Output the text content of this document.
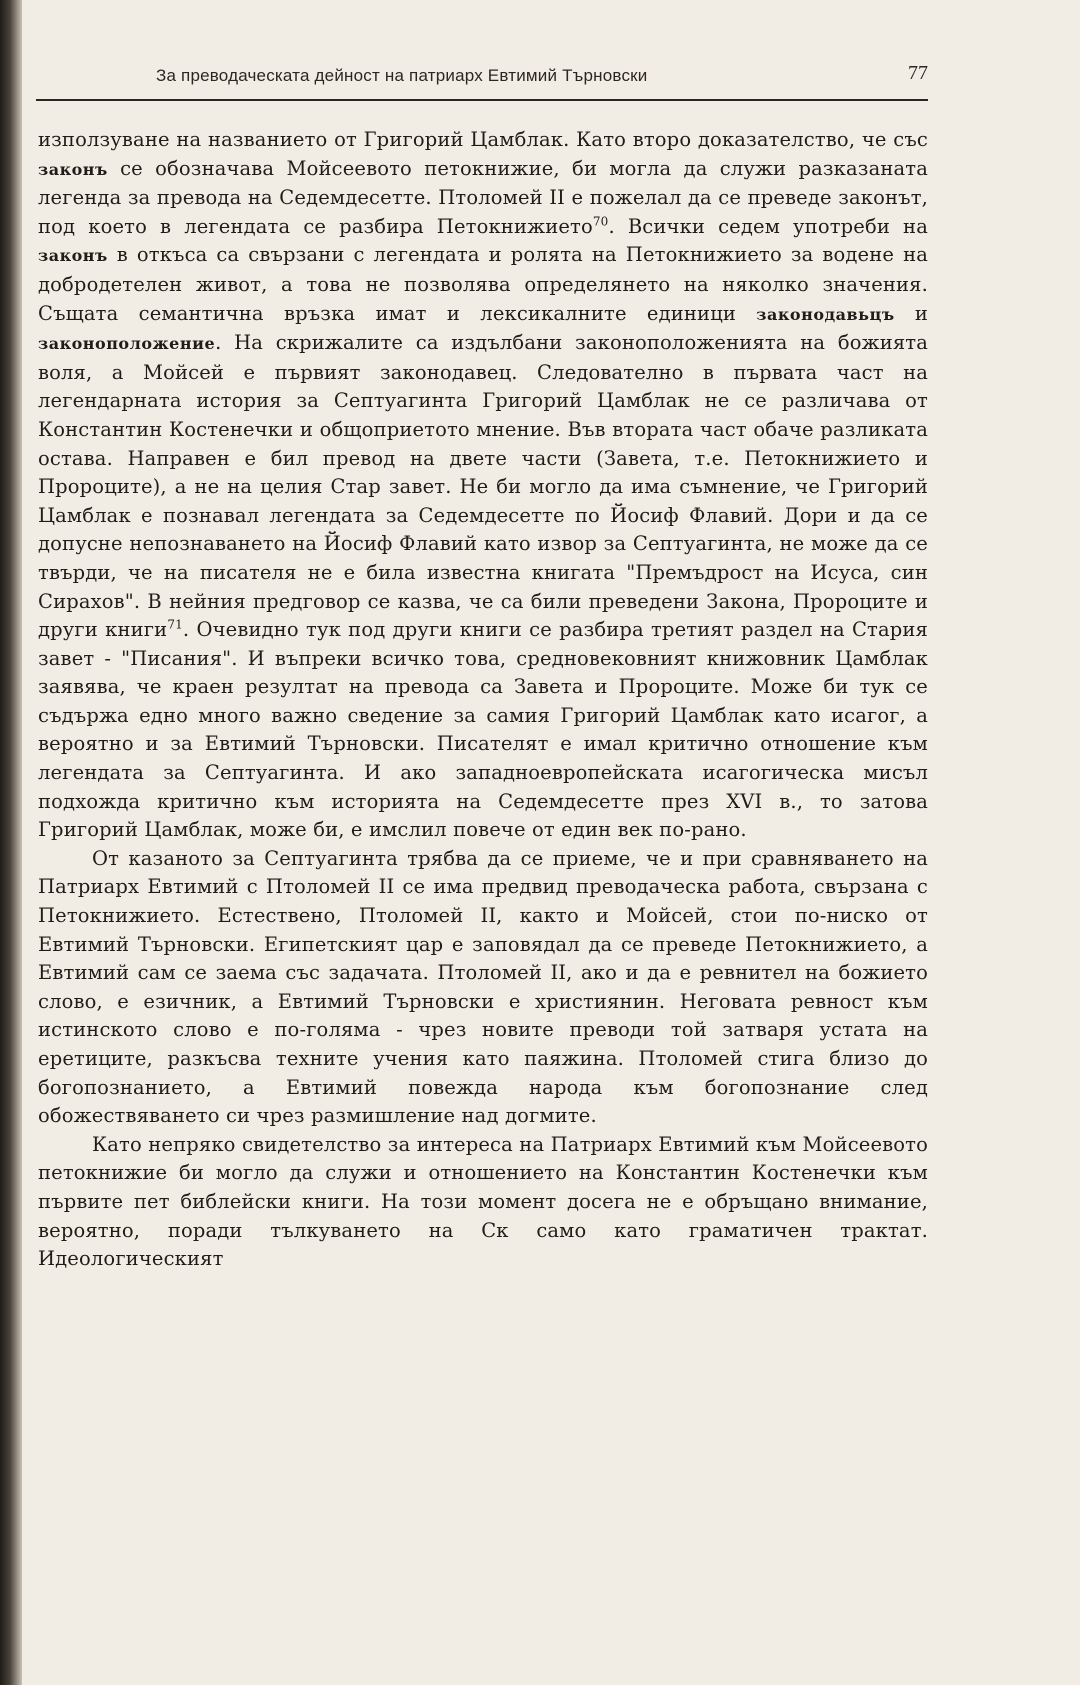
За преводаческата дейност на патриарх Евтимий Търновски	77

използуване на названието от Григорий Цамблак. Като второ доказателство, че със законъ се обозначава Мойсеевото петокнижие, би могла да служи разказаната легенда за превода на Седемдесетте. Птоломей II е пожелал да се преведе законът, под което в легендата се разбира Петокнижието$^{70}$. Всички седем употреби на законъ в откъса са свързани с легендата и ролята на Петокнижието за водене на добродетелен живот, а това не позволява определянето на няколко значения. Същата семантична връзка имат и лексикалните единици законодавьцъ и законоположение. На скрижалите са издълбани законоположенията на божията воля, а Мойсей е първият законодавец. Следователно в първата част на легендарната история за Септуагинта Григорий Цамблак не се различава от Константин Костенечки и общоприетото мнение. Във втората част обаче разликата остава. Направен е бил превод на двете части (Завета, т.е. Петокнижието и Пророците), а не на целия Стар завет. Не би могло да има съмнение, че Григорий Цамблак е познавал легендата за Седемдесетте по Йосиф Флавий. Дори и да се допусне непознаването на Йосиф Флавий като извор за Септуагинта, не може да се твърди, че на писателя не е била известна книгата "Премъдрост на Исуса, син Сирахов". В нейния предговор се казва, че са били преведени Закона, Пророците и други книги$^{71}$. Очевидно тук под други книги се разбира третият раздел на Стария завет - "Писания". И въпреки всичко това, средновековният книжовник Цамблак заявява, че краен резултат на превода са Завета и Пророците. Може би тук се съдържа едно много важно сведение за самия Григорий Цамблак като исагог, а вероятно и за Евтимий Търновски. Писателят е имал критично отношение към легендата за Септуагинта. И ако западноевропейската исагогическа мисъл подхожда критично към историята на Седемдесетте през XVI в., то затова Григорий Цамблак, може би, е имслил повече от един век по-рано.

От казаното за Септуагинта трябва да се приеме, че и при сравняването на Патриарх Евтимий с Птоломей II се има предвид преводаческа работа, свързана с Петокнижието. Естествено, Птоломей II, както и Мойсей, стои по-ниско от Евтимий Търновски. Египетският цар е заповядал да се преведе Петокнижието, а Евтимий сам се заема със задачата. Птоломей II, ако и да е ревнител на божието слово, е езичник, а Евтимий Търновски е християнин. Неговата ревност към истинското слово е по-голяма - чрез новите преводи той затваря устата на еретиците, разкъсва техните учения като паяжина. Птоломей стига близо до богопознанието, а Евтимий повежда народа към богопознание след обожествяването си чрез размишление над догмите.

Като непряко свидетелство за интереса на Патриарх Евтимий към Мойсеевото петокнижие би могло да служи и отношението на Константин Костенечки към първите пет библейски книги. На този момент досега не е обръщано внимание, вероятно, поради тълкуването на Ск само като граматичен трактат. Идеологическият
